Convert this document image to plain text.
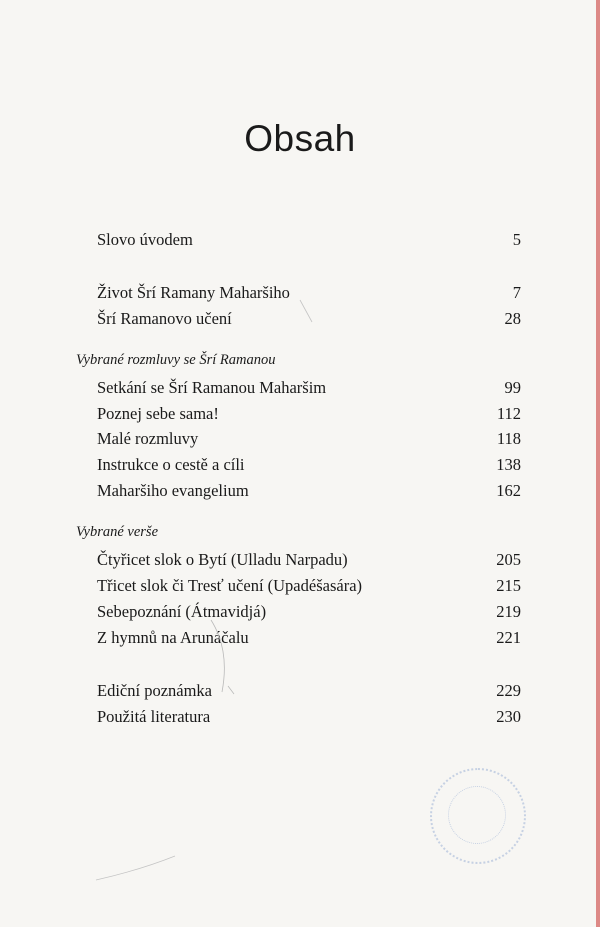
Obsah
Slovo úvodem	5
Život Šrí Ramany Maharšiho	7
Šrí Ramanovo učení	28
Vybrané rozmluvy se Šrí Ramanou
Setkání se Šrí Ramanou Maharšim	99
Poznej sebe sama!	112
Malé rozmluvy	118
Instrukce o cestě a cíli	138
Maharšiho evangelium	162
Vybrané verše
Čtyřicet slok o Bytí (Ulladu Narpadu)	205
Třicet slok či Tresť učení (Upadéšasára)	215
Sebepoznání (Átmavidjá)	219
Z hymnů na Arunáčalu	221
Ediční poznámka	229
Použitá literatura	230
